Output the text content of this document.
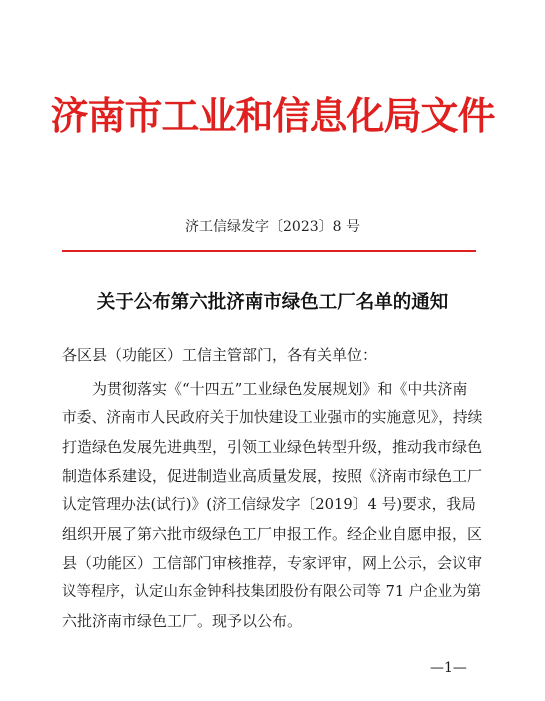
济南市工业和信息化局文件
济工信绿发字〔2023〕8 号
关于公布第六批济南市绿色工厂名单的通知
各区县（功能区）工信主管部门，各有关单位：
为贯彻落实《“十四五”工业绿色发展规划》和《中共济南
市委、济南市人民政府关于加快建设工业强市的实施意见》，持续
打造绿色发展先进典型，引领工业绿色转型升级，推动我市绿色
制造体系建设，促进制造业高质量发展，按照《济南市绿色工厂
认定管理办法(试行)》(济工信绿发字〔2019〕4 号)要求，我局
组织开展了第六批市级绿色工厂申报工作。经企业自愿申报，区
县（功能区）工信部门审核推荐，专家评审，网上公示，会议审
议等程序，认定山东金钟科技集团股份有限公司等 71 户企业为第
六批济南市绿色工厂。现予以公布。
—1—
